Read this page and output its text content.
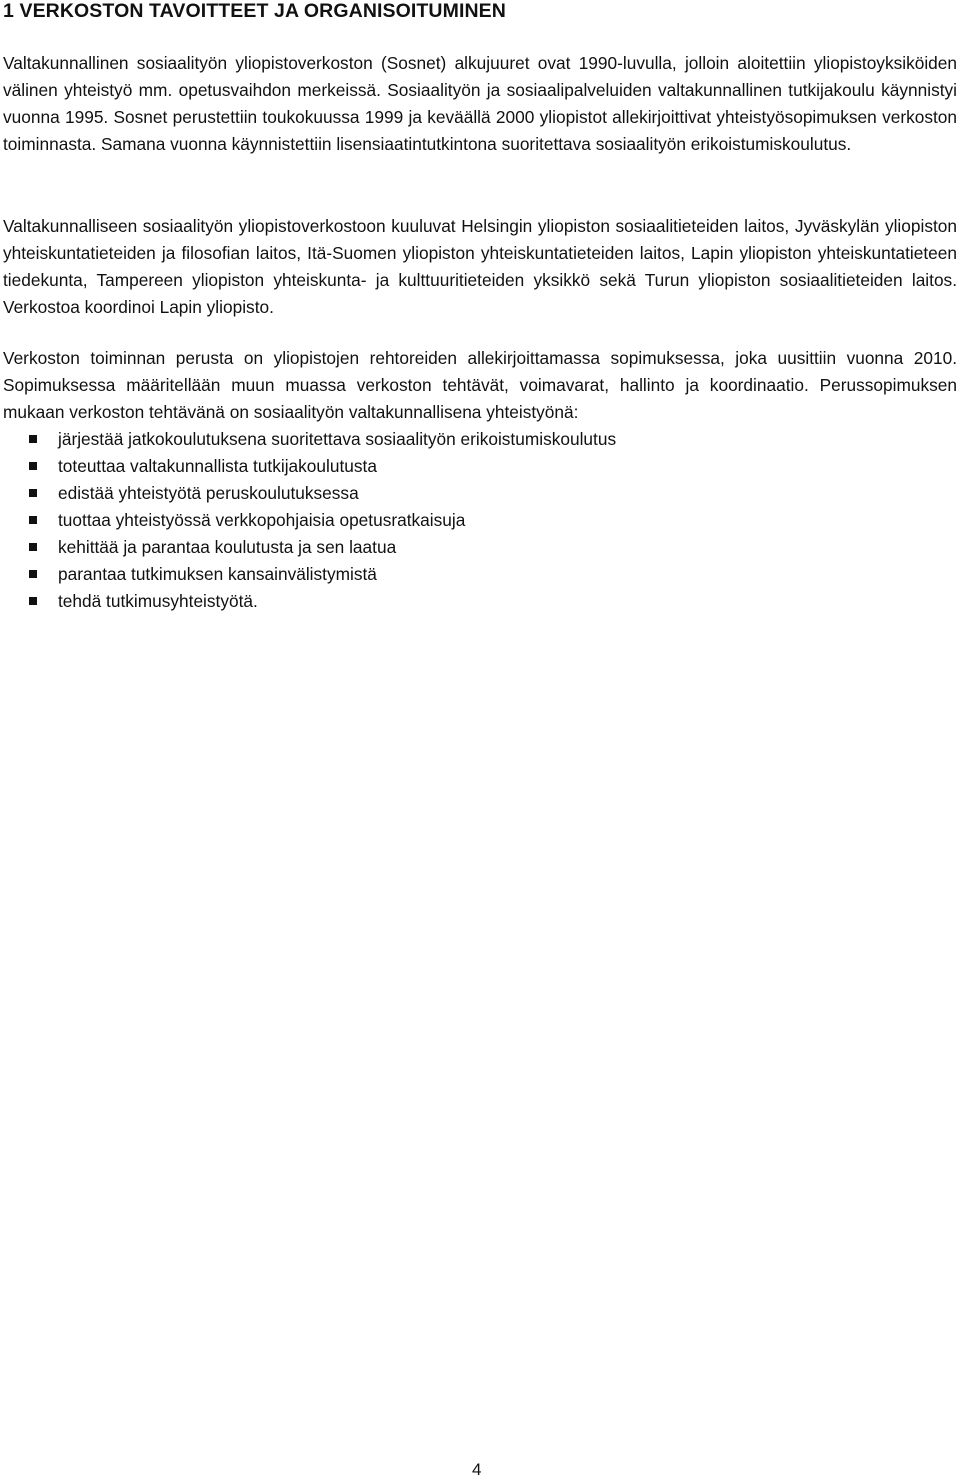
1 VERKOSTON TAVOITTEET JA ORGANISOITUMINEN

Valtakunnallinen sosiaalityön yliopistoverkoston (Sosnet) alkujuuret ovat 1990-luvulla, jolloin aloitettiin yliopistoyksiköiden välinen yhteistyö mm. opetusvaihdon merkeissä. Sosiaalityön ja sosiaalipalveluiden valtakunnallinen tutkijakoulu käynnistyi vuonna 1995. Sosnet perustettiin toukokuussa 1999 ja keväällä 2000 yliopistot allekirjoittivat yhteistyösopimuksen verkoston toiminnasta. Samana vuonna käynnistettiin lisensiaatintutkintona suoritettava sosiaalityön erikoistumiskoulutus.

Valtakunnalliseen sosiaalityön yliopistoverkostoon kuuluvat Helsingin yliopiston sosiaalitieteiden laitos, Jyväskylän yliopiston yhteiskuntatieteiden ja filosofian laitos, Itä-Suomen yliopiston yhteiskuntatieteiden laitos, Lapin yliopiston yhteiskuntatieteen tiedekunta, Tampereen yliopiston yhteiskunta- ja kulttuuritieteiden yksikkö sekä Turun yliopiston sosiaalitieteiden laitos. Verkostoa koordinoi Lapin yliopisto.

Verkoston toiminnan perusta on yliopistojen rehtoreiden allekirjoittamassa sopimuksessa, joka uusittiin vuonna 2010. Sopimuksessa määritellään muun muassa verkoston tehtävät, voimavarat, hallinto ja koordinaatio. Perussopimuksen mukaan verkoston tehtävänä on sosiaalityön valtakunnallisena yhteistyönä:

järjestää jatkokoulutuksena suoritettava sosiaalityön erikoistumiskoulutus
toteuttaa valtakunnallista tutkijakoulutusta
edistää yhteistyötä peruskoulutuksessa
tuottaa yhteistyössä verkkopohjaisia opetusratkaisuja
kehittää ja parantaa koulutusta ja sen laatua
parantaa tutkimuksen kansainvälistymistä
tehdä tutkimusyhteistyötä.

4
